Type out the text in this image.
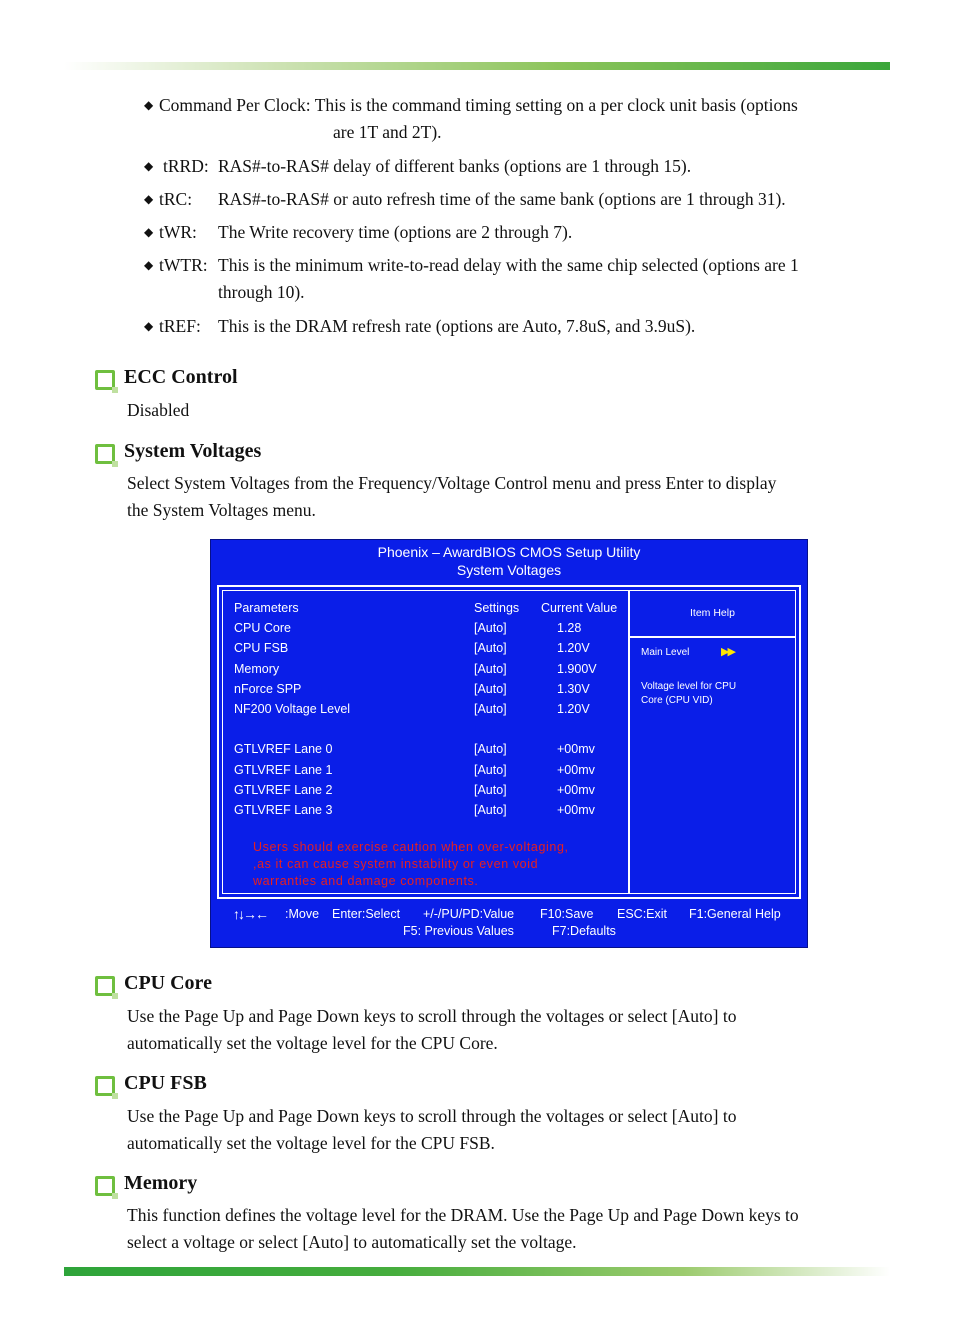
◆ Command Per Clock: This is the command timing setting on a per clock unit basis (options
are 1T and 2T).
◆ tRRD: RAS#-to-RAS# delay of different banks (options are 1 through 15).
◆ tRC: RAS#-to-RAS# or auto refresh time of the same bank (options are 1 through 31).
◆ tWR: The Write recovery time (options are 2 through 7).
◆ tWTR: This is the minimum write-to-read delay with the same chip selected (options are 1
through 10).
◆ tREF: This is the DRAM refresh rate (options are Auto, 7.8uS, and 3.9uS).
ECC Control
Disabled
System Voltages
Select System Voltages from the Frequency/Voltage Control menu and press Enter to display
the System Voltages menu.
Phoenix – AwardBIOS CMOS Setup Utility
System Voltages
Parameters	Settings Current Value
CPU Core	[Auto]	1.28
CPU FSB	[Auto]	1.20V
Memory	[Auto]	1.900V
nForce SPP	[Auto]	1.30V
NF200 Voltage Level	[Auto]	1.20V
GTLVREF Lane 0	[Auto]	+00mv
GTLVREF Lane 1	[Auto]	+00mv
GTLVREF Lane 2	[Auto]	+00mv
GTLVREF Lane 3	[Auto]	+00mv
Users should exercise caution when over-voltaging,
,as it can cause system instability or even void
warranties and damage components.
Item Help
Main Level	▶▶
Voltage level for CPU
Core (CPU VID)
↑↓→← :Move Enter:Select +/-/PU/PD:Value F10:Save ESC:Exit F1:General Help
F5: Previous Values	F7:Defaults
CPU Core
Use the Page Up and Page Down keys to scroll through the voltages or select [Auto] to
automatically set the voltage level for the CPU Core.
CPU FSB
Use the Page Up and Page Down keys to scroll through the voltages or select [Auto] to
automatically set the voltage level for the CPU FSB.
Memory
This function defines the voltage level for the DRAM. Use the Page Up and Page Down keys to
select a voltage or select [Auto] to automatically set the voltage.
